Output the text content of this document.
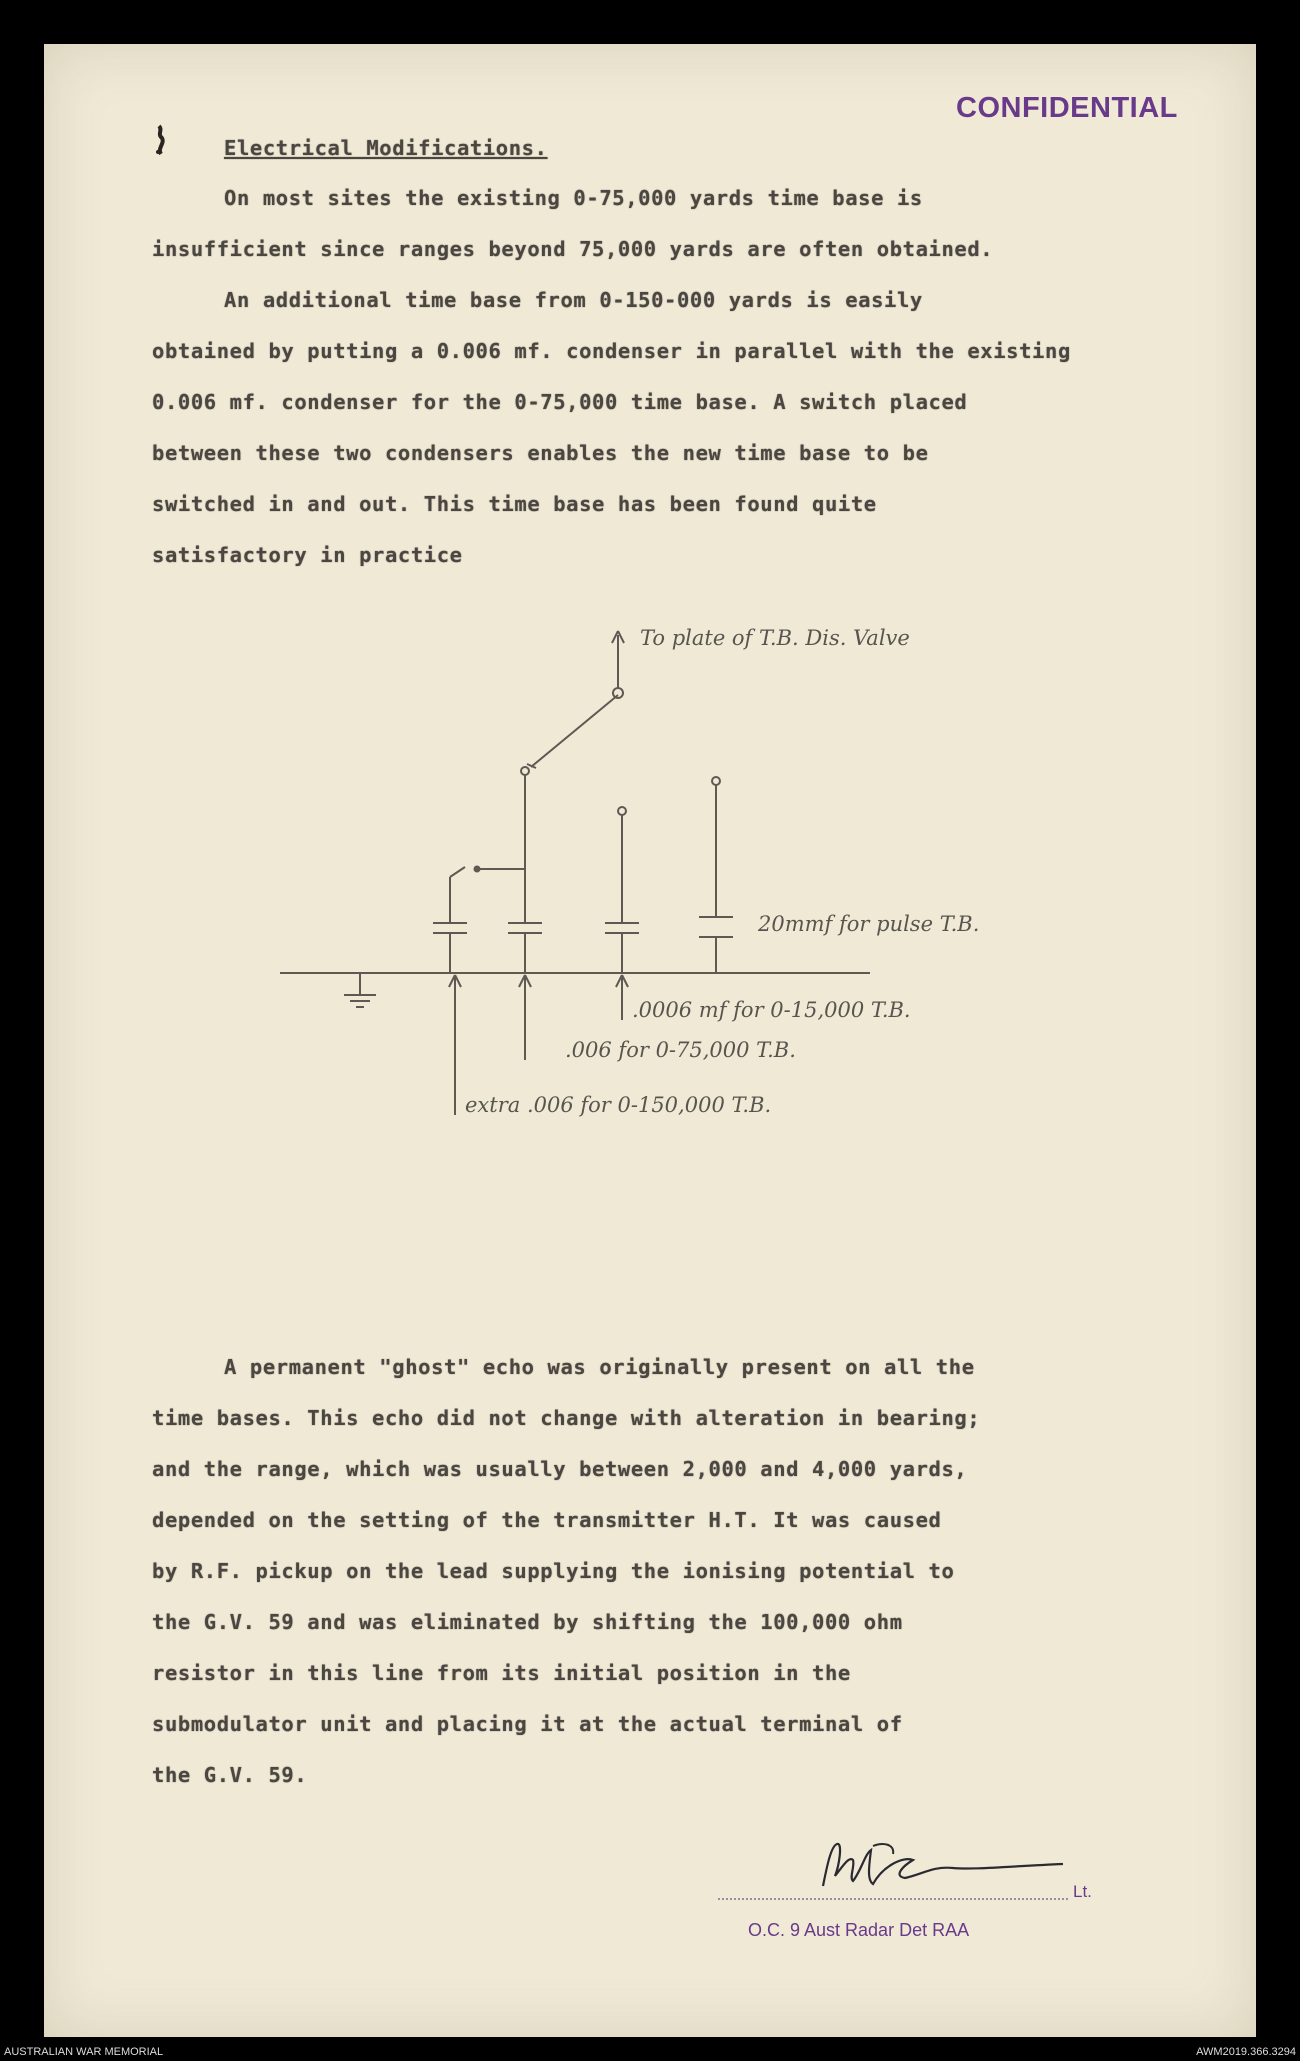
CONFIDENTIAL
Electrical Modifications.
On most sites the existing 0-75,000 yards time base is
insufficient since ranges beyond 75,000 yards are often obtained.
An additional time base from 0-150-000 yards is easily
obtained by putting a 0.006 mf. condenser in parallel with the existing
0.006 mf. condenser for the 0-75,000 time base. A switch placed
between these two condensers enables the new time base to be
switched in and out. This time base has been found quite
satisfactory in practice
To plate of T.B. Dis. Valve
20mmf for pulse T.B.
.0006 mf for 0-15,000 T.B.
.006 for 0-75,000 T.B.
extra .006 for 0-150,000 T.B.
A permanent "ghost" echo was originally present on all the
time bases. This echo did not change with alteration in bearing;
and the range, which was usually between 2,000 and 4,000 yards,
depended on the setting of the transmitter H.T. It was caused
by R.F. pickup on the lead supplying the ionising potential to
the G.V. 59 and was eliminated by shifting the 100,000 ohm
resistor in this line from its initial position in the
submodulator unit and placing it at the actual terminal of
the G.V. 59.
Lt.
O.C. 9 Aust Radar Det RAA
AUSTRALIAN WAR MEMORIAL	AWM2019.366.3294
